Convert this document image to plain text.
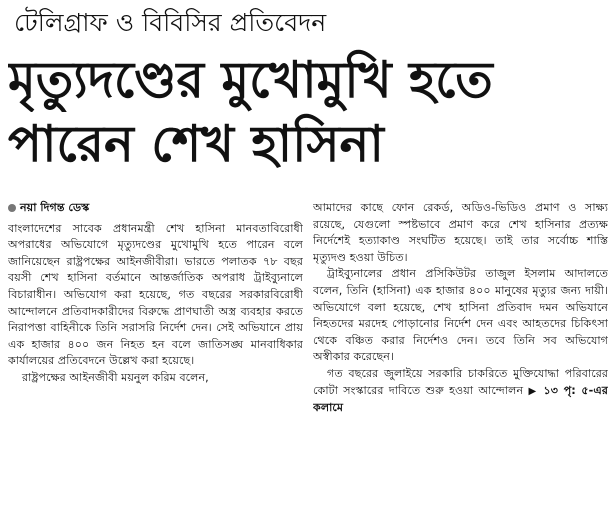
টেলিগ্রাফ ও বিবিসির প্রতিবেদন
মৃত্যুদণ্ডের মুখোমুখি হতে
পারেন শেখ হাসিনা
নয়া দিগন্ত ডেস্ক

বাংলাদেশের সাবেক প্রধানমন্ত্রী শেখ হাসিনা মানবতাবিরোধী অপরাধের অভিযোগে মৃত্যুদণ্ডের মুখোমুখি হতে পারেন বলে জানিয়েছেন রাষ্ট্রপক্ষের আইনজীবীরা। ভারতে পলাতক ৭৮ বছর বয়সী শেখ হাসিনা বর্তমানে আন্তর্জাতিক অপরাধ ট্রাইব্যুনালে বিচারাধীন। অভিযোগ করা হয়েছে, গত বছরের সরকারবিরোধী আন্দোলনে প্রতিবাদকারীদের বিরুদ্ধে প্রাণঘাতী অস্ত্র ব্যবহার করতে নিরাপত্তা বাহিনীকে তিনি সরাসরি নির্দেশ দেন। সেই অভিযানে প্রায় এক হাজার ৪০০ জন নিহত হন বলে জাতিসঙ্ঘ মানবাধিকার কার্যালয়ের প্রতিবেদনে উল্লেখ করা হয়েছে।

রাষ্ট্রপক্ষের আইনজীবী ময়নুল করিম বলেন,

আমাদের কাছে ফোন রেকর্ড, অডিও-ভিডিও প্রমাণ ও সাক্ষ্য রয়েছে, যেগুলো স্পষ্টভাবে প্রমাণ করে শেখ হাসিনার প্রত্যক্ষ নির্দেশেই হত্যাকাণ্ড সংঘটিত হয়েছে। তাই তার সর্বোচ্চ শাস্তি মৃত্যুদণ্ড হওয়া উচিত।

ট্রাইব্যুনালের প্রধান প্রসিকিউটর তাজুল ইসলাম আদালতে বলেন, তিনি (হাসিনা) এক হাজার ৪০০ মানুষের মৃত্যুর জন্য দায়ী। অভিযোগে বলা হয়েছে, শেখ হাসিনা প্রতিবাদ দমন অভিযানে নিহতদের মরদেহ পোড়ানোর নির্দেশ দেন এবং আহতদের চিকিৎসা থেকে বঞ্চিত করার নির্দেশও দেন। তবে তিনি সব অভিযোগ অস্বীকার করেছেন।

গত বছরের জুলাইয়ে সরকারি চাকরিতে মুক্তিযোদ্ধা পরিবারের কোটা সংস্কারের দাবিতে শুরু হওয়া আন্দোলন ▶ ১৩ পৃ: ৫-এর কলামে
